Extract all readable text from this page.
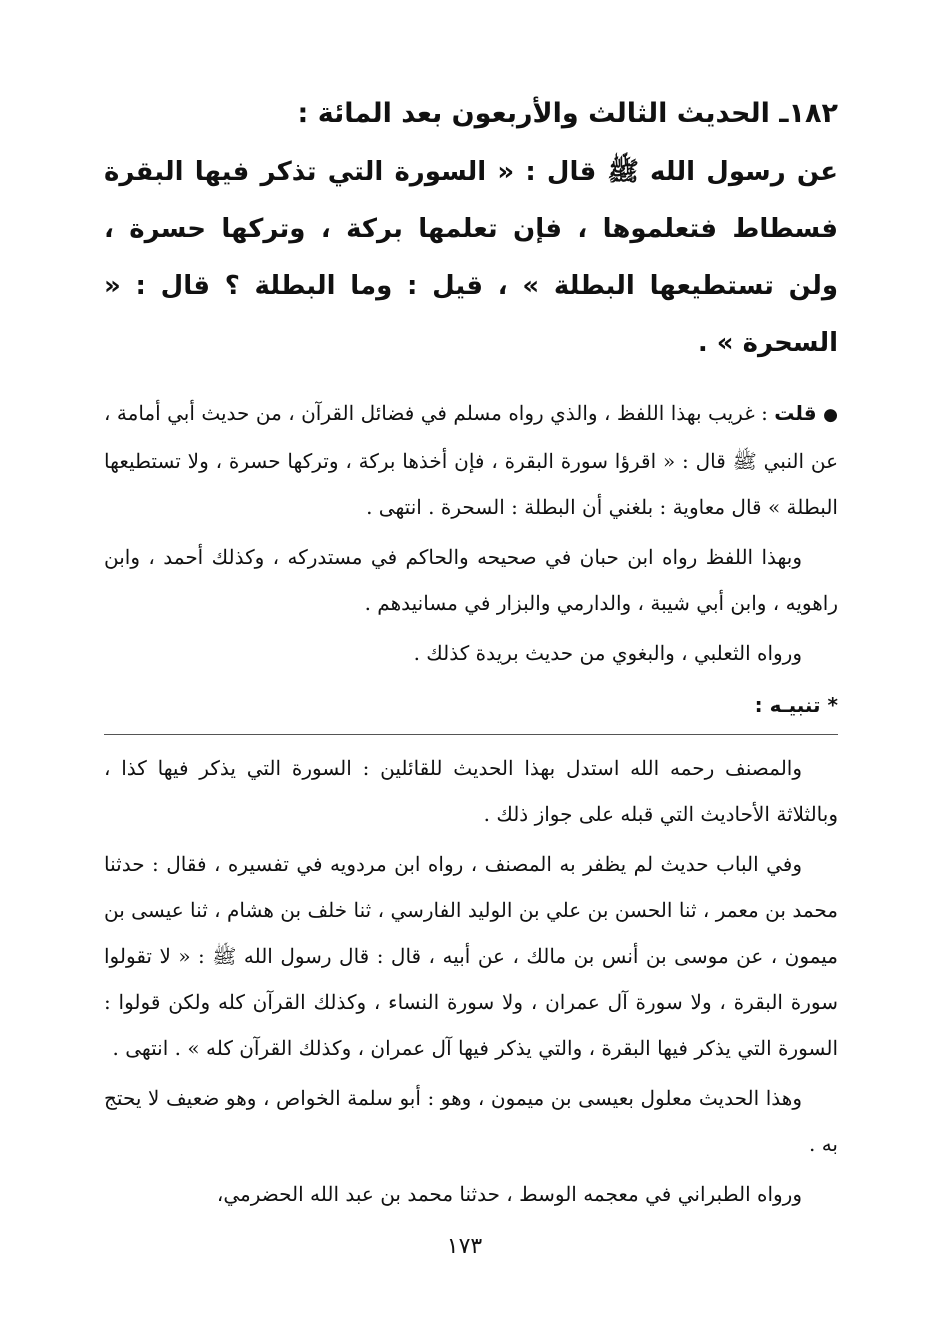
١٨٢ـ الحديث الثالث والأربعون بعد المائة :

عن رسول الله ﷺ قال : « السورة التي تذكر فيها البقرة فسطاط فتعلموها ، فإن تعلمها بركة ، وتركها حسرة ، ولن تستطيعها البطلة » ، قيل : وما البطلة ؟ قال : « السحرة » .

● قلت : غريب بهذا اللفظ ، والذي رواه مسلم في فضائل القرآن ، من حديث أبي أمامة ، عن النبي ﷺ قال : « اقرؤا سورة البقرة ، فإن أخذها بركة ، وتركها حسرة ، ولا تستطيعها البطلة » قال معاوية : بلغني أن البطلة : السحرة . انتهى .

وبهذا اللفظ رواه ابن حبان في صحيحه والحاكم في مستدركه ، وكذلك أحمد ، وابن راهويه ، وابن أبي شيبة ، والدارمي والبزار في مسانيدهم .

ورواه الثعلبي ، والبغوي من حديث بريدة كذلك .

* تنبيـه :

والمصنف رحمه الله استدل بهذا الحديث للقائلين : السورة التي يذكر فيها كذا ، وبالثلاثة الأحاديث التي قبله على جواز ذلك .

وفي الباب حديث لم يظفر به المصنف ، رواه ابن مردويه في تفسيره ، فقال : حدثنا محمد بن معمر ، ثنا الحسن بن علي بن الوليد الفارسي ، ثنا خلف بن هشام ، ثنا عيسى بن ميمون ، عن موسى بن أنس بن مالك ، عن أبيه ، قال : قال رسول الله ﷺ : « لا تقولوا سورة البقرة ، ولا سورة آل عمران ، ولا سورة النساء ، وكذلك القرآن كله ولكن قولوا : السورة التي يذكر فيها البقرة ، والتي يذكر فيها آل عمران ، وكذلك القرآن كله » . انتهى .

وهذا الحديث معلول بعيسى بن ميمون ، وهو : أبو سلمة الخواص ، وهو ضعيف لا يحتج به .

ورواه الطبراني في معجمه الوسط ، حدثنا محمد بن عبد الله الحضرمي،

١٧٣
